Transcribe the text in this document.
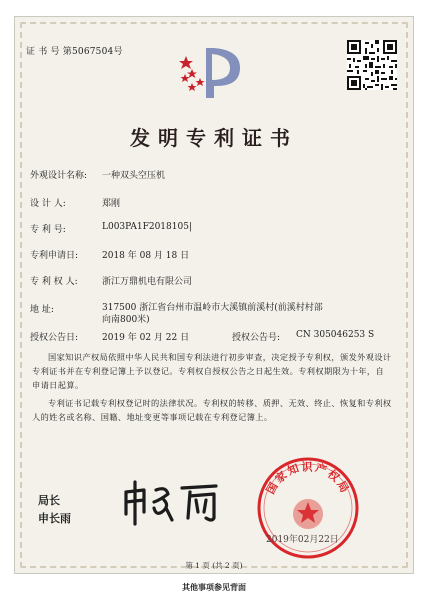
证 书 号 第5067504号
发明专利证书
外观设计名称:	一种双头空压机
设 计 人:	郑刚
专 利 号:	L003PA1F2018105|
专利申请日:	2018 年 08 月 18 日
专 利 权 人:	浙江万鼎机电有限公司
地 址:	317500 浙江省台州市温岭市大溪镇前溪村(前溪村村部向南800米)
授权公告日:	2019 年 02 月 22 日	授权公告号:	CN 305046253 S
国家知识产权局依照中华人民共和国专利法进行初步审查，决定授予专利权，颁发外观设计专利证书并在专利登记簿上予以登记。专利权自授权公告之日起生效。专利权期限为十年，自申请日起算。
专利证书记载专利权登记时的法律状况。专利权的转移、质押、无效、终止、恢复和专利权人的姓名或名称、国籍、地址变更等事项记载在专利登记簿上。
局长
申长雨
国家知识产权局
2019年02月22日
第 1 页 (共 2 页)
其他事项参见背面
